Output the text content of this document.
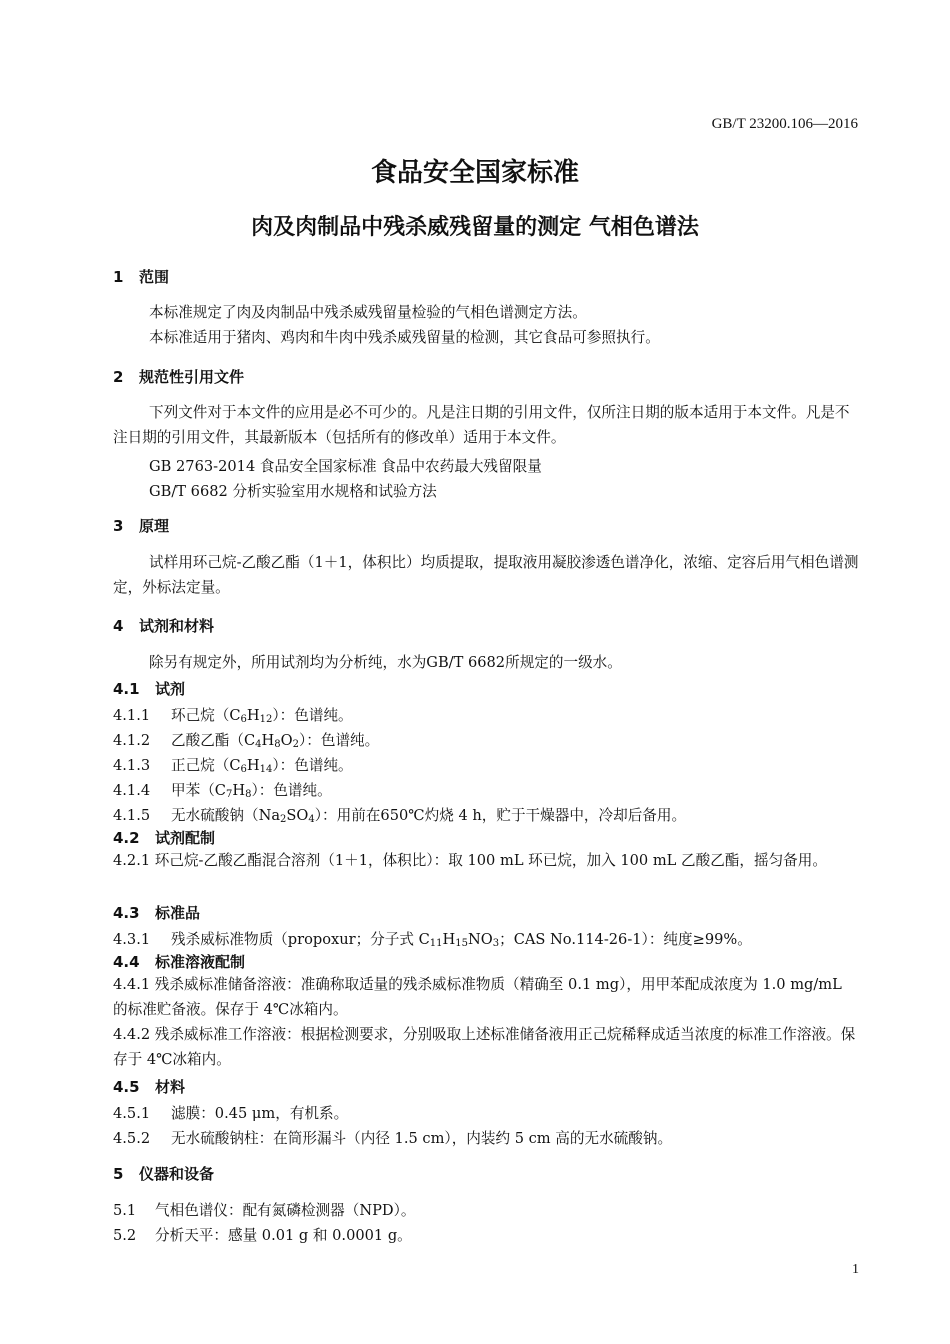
GB/T 23200.106—2016
食品安全国家标准
肉及肉制品中残杀威残留量的测定 气相色谱法
1 范围
本标准规定了肉及肉制品中残杀威残留量检验的气相色谱测定方法。
本标准适用于猪肉、鸡肉和牛肉中残杀威残留量的检测，其它食品可参照执行。
2 规范性引用文件
下列文件对于本文件的应用是必不可少的。凡是注日期的引用文件，仅所注日期的版本适用于本文件。凡是不注日期的引用文件，其最新版本（包括所有的修改单）适用于本文件。
GB 2763-2014 食品安全国家标准 食品中农药最大残留限量
GB/T 6682 分析实验室用水规格和试验方法
3 原理
试样用环己烷-乙酸乙酯（1＋1，体积比）均质提取，提取液用凝胶渗透色谱净化，浓缩、定容后用气相色谱测定，外标法定量。
4 试剂和材料
除另有规定外，所用试剂均为分析纯，水为GB/T 6682所规定的一级水。
4.1 试剂
4.1.1 环己烷$(C_6H_{12})$：色谱纯。
4.1.2 乙酸乙酯$(C_4H_8O_2)$：色谱纯。
4.1.3 正己烷$(C_6H_{14})$：色谱纯。
4.1.4 甲苯$(C_7H_8)$：色谱纯。
4.1.5 无水硫酸钠$(Na_2SO_4)$：用前在650℃灼烧 4 h，贮于干燥器中，冷却后备用。
4.2 试剂配制
4.2.1 环己烷-乙酸乙酯混合溶剂（1＋1，体积比）：取 100 mL 环已烷，加入 100 mL 乙酸乙酯，摇匀备用。
4.3 标准品
4.3.1 残杀威标准物质（propoxur；分子式 $C_{11}H_{15}NO_3$；CAS No.114-26-1）：纯度≥99%。
4.4 标准溶液配制
4.4.1 残杀威标准储备溶液：准确称取适量的残杀威标准物质（精确至 0.1 mg），用甲苯配成浓度为 1.0 mg/mL 的标准贮备液。保存于 4℃冰箱内。
4.4.2 残杀威标准工作溶液：根据检测要求，分别吸取上述标准储备液用正己烷稀释成适当浓度的标准工作溶液。保存于 4℃冰箱内。
4.5 材料
4.5.1 滤膜：0.45 μm，有机系。
4.5.2 无水硫酸钠柱：在筒形漏斗（内径 1.5 cm），内装约 5 cm 高的无水硫酸钠。
5 仪器和设备
5.1 气相色谱仪：配有氮磷检测器（NPD）。
5.2 分析天平：感量 0.01 g 和 0.0001 g。
1
